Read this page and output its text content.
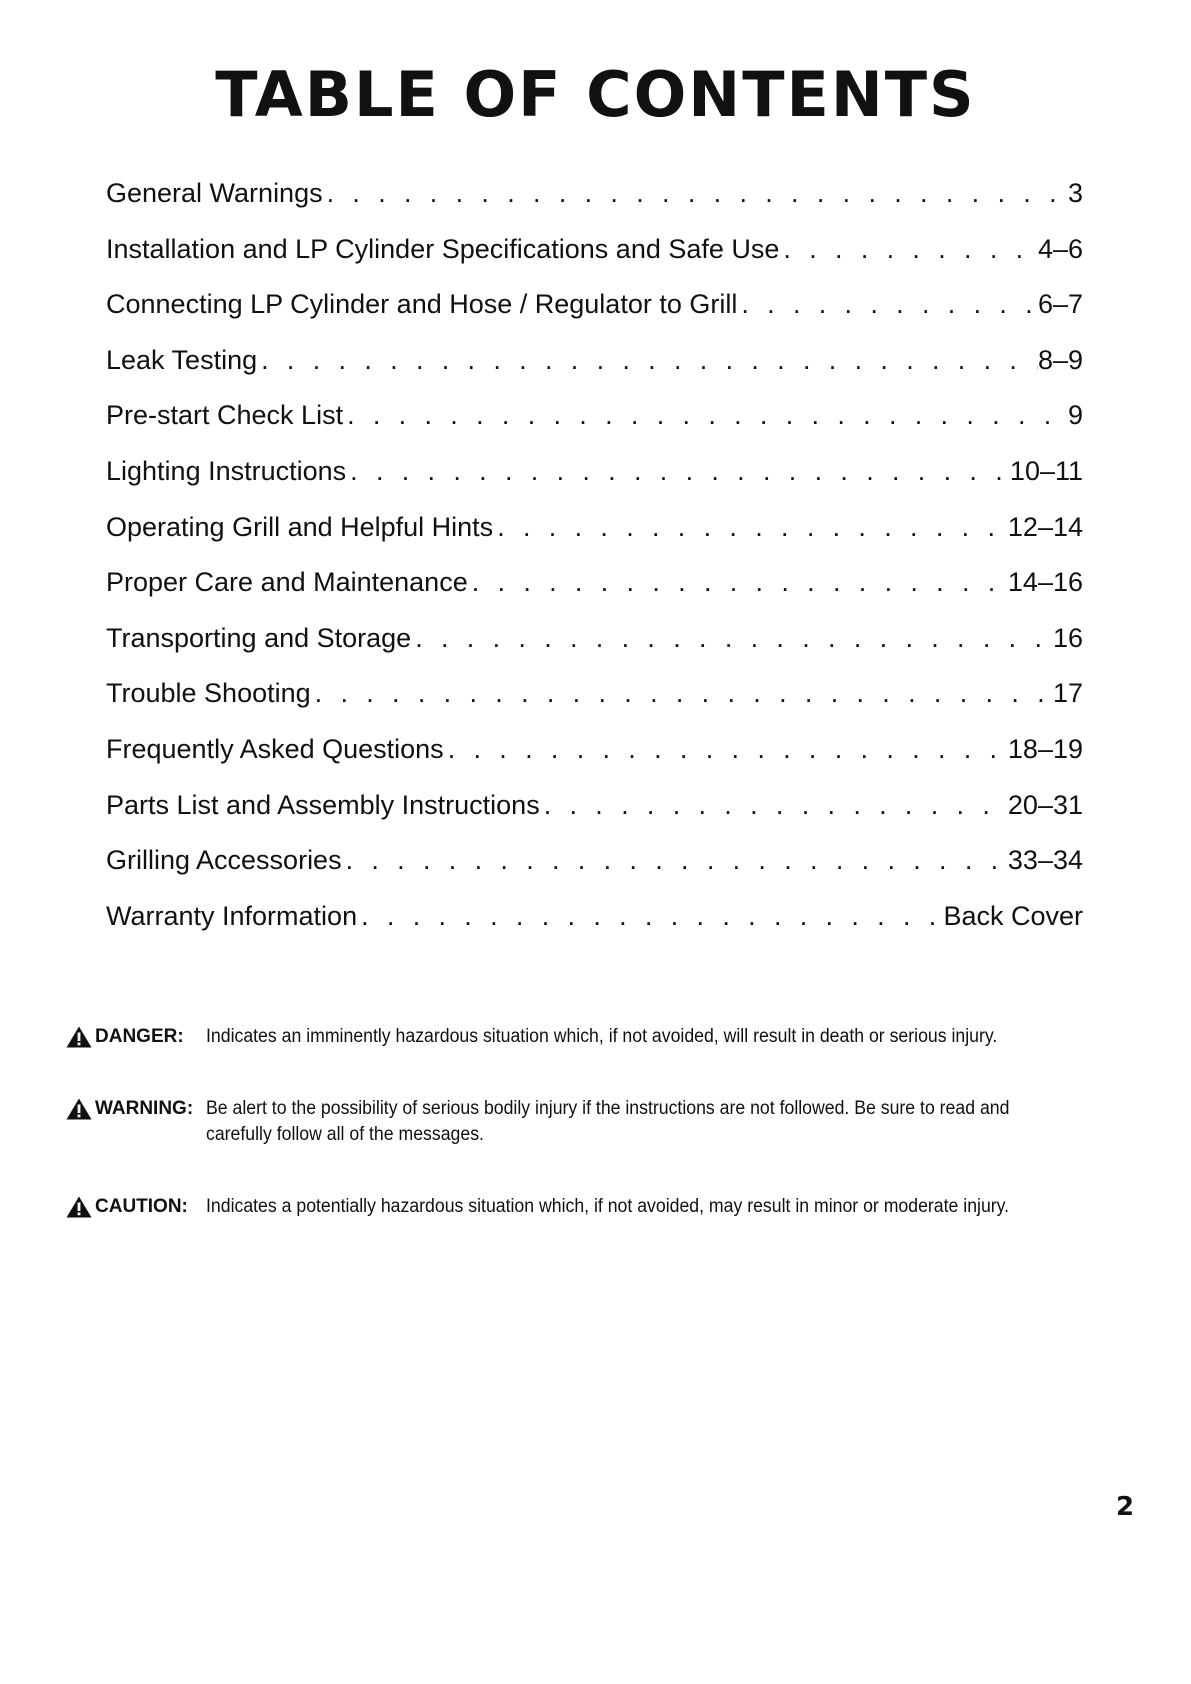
TABLE OF CONTENTS
General Warnings . . .	3
Installation and LP Cylinder Specifications and Safe Use . . .	4–6
Connecting LP Cylinder and Hose / Regulator to Grill . . .	6–7
Leak Testing . . .	8–9
Pre-start Check List . . .	9
Lighting Instructions . . .	10–11
Operating Grill and Helpful Hints . . .	12–14
Proper Care and Maintenance . . .	14–16
Transporting and Storage . . .	16
Trouble Shooting . . .	17
Frequently Asked Questions . . .	18–19
Parts List and Assembly Instructions . . .	20–31
Grilling Accessories . . .	33–34
Warranty Information . . .	Back Cover
DANGER: Indicates an imminently hazardous situation which, if not avoided, will result in death or serious injury.
WARNING: Be alert to the possibility of serious bodily injury if the instructions are not followed. Be sure to read and carefully follow all of the messages.
CAUTION: Indicates a potentially hazardous situation which, if not avoided, may result in minor or moderate injury.
2
